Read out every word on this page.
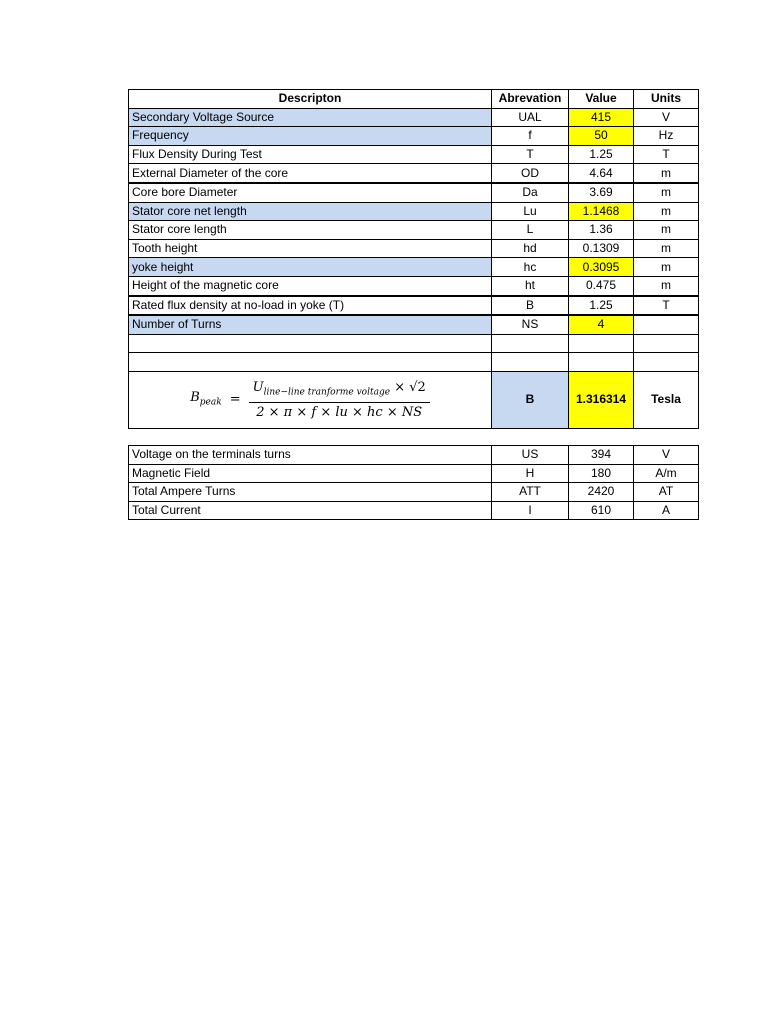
Descripton	Abrevation	Value	Units
Secondary Voltage Source	UAL	415	V
Frequency	f	50	Hz
Flux Density During Test	T	1.25	T
External Diameter of the core	OD	4.64	m
Core bore Diameter	Da	3.69	m
Stator core net length	Lu	1.1468	m
Stator core length	L	1.36	m
Tooth height	hd	0.1309	m
yoke height	hc	0.3095	m
Height of the magnetic core	ht	0.475	m
Rated flux density at no-load in yoke (T)	B	1.25	T
Number of Turns	NS	4	

$B_{peak} = \frac{U_{line-line tranforme voltage} \times √2}{2 \times \pi \times f \times lu \times hc \times NS}$	B	1.316314	Tesla
Voltage on the terminals turns	US	394	V
Magnetic Field	H	180	A/m
Total Ampere Turns	ATT	2420	AT
Total Current	I	610	A
